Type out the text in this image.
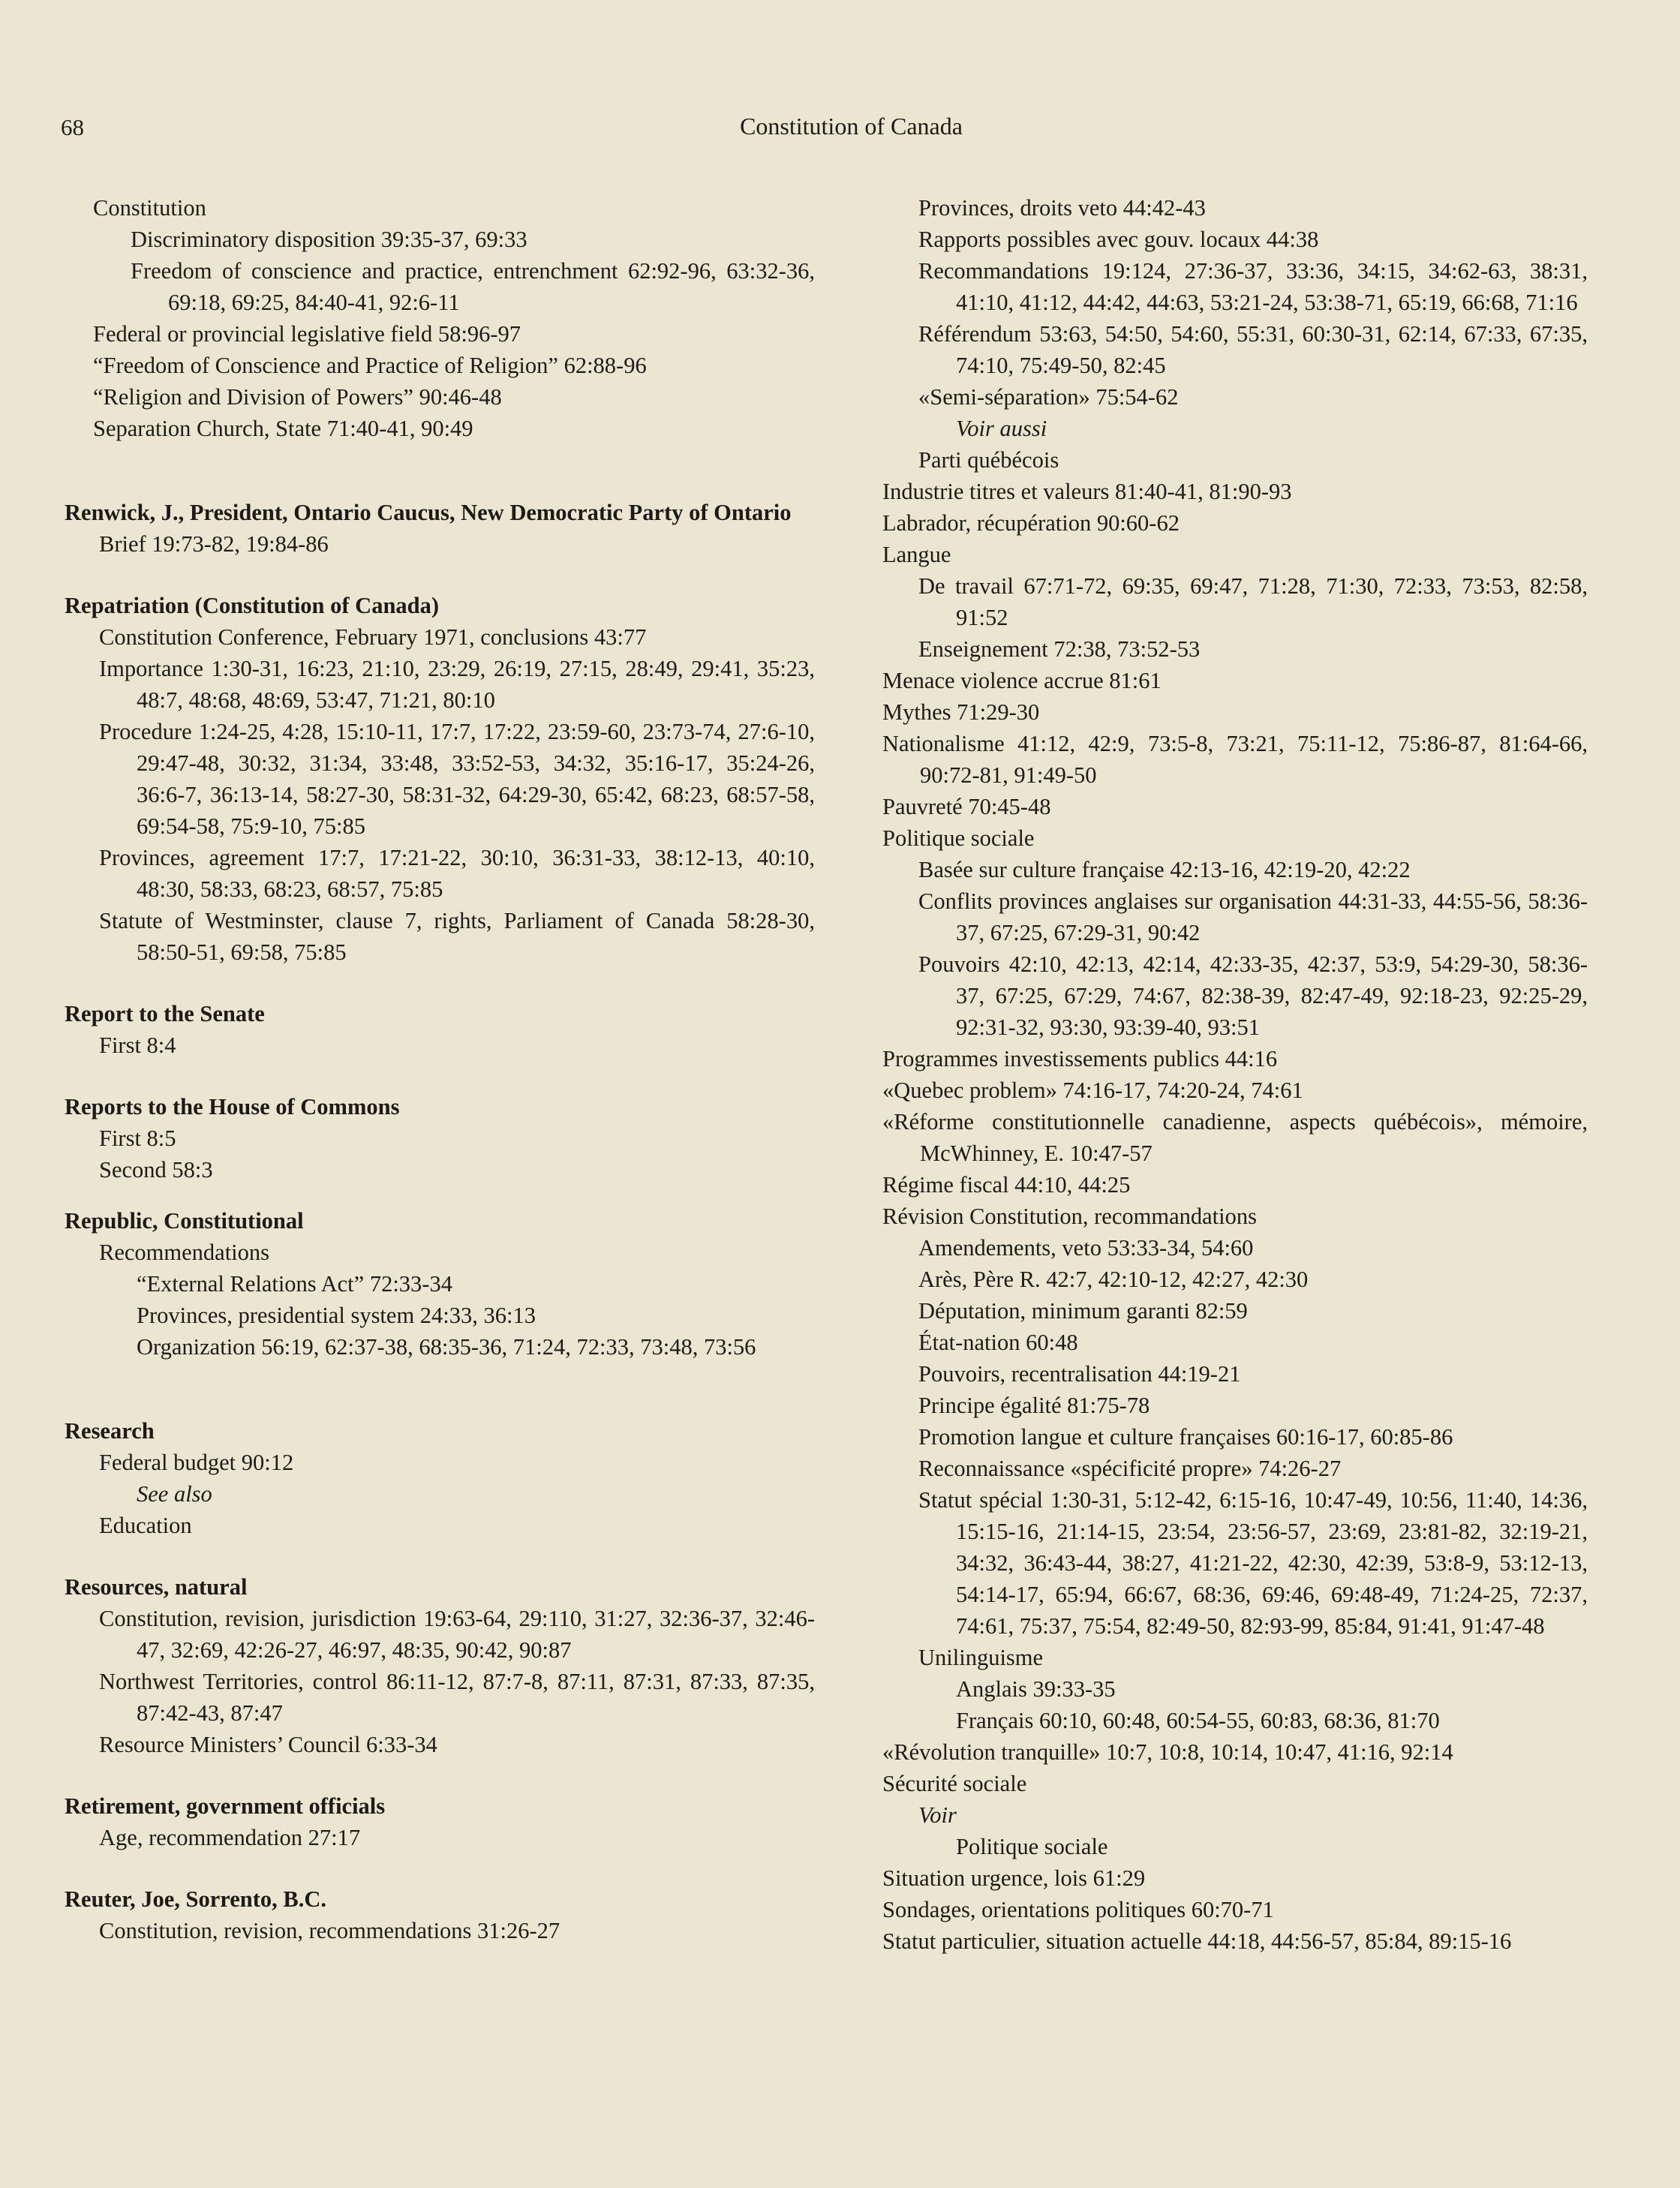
68	Constitution of Canada
Constitution
Discriminatory disposition 39:35-37, 69:33
Freedom of conscience and practice, entrenchment 62:92-96, 63:32-36, 69:18, 69:25, 84:40-41, 92:6-11
Federal or provincial legislative field 58:96-97
“Freedom of Conscience and Practice of Religion” 62:88-96
“Religion and Division of Powers” 90:46-48
Separation Church, State 71:40-41, 90:49
Renwick, J., President, Ontario Caucus, New Democratic Party of Ontario
Brief 19:73-82, 19:84-86
Repatriation (Constitution of Canada)
Constitution Conference, February 1971, conclusions 43:77
Importance 1:30-31, 16:23, 21:10, 23:29, 26:19, 27:15, 28:49, 29:41, 35:23, 48:7, 48:68, 48:69, 53:47, 71:21, 80:10
Procedure 1:24-25, 4:28, 15:10-11, 17:7, 17:22, 23:59-60, 23:73-74, 27:6-10, 29:47-48, 30:32, 31:34, 33:48, 33:52-53, 34:32, 35:16-17, 35:24-26, 36:6-7, 36:13-14, 58:27-30, 58:31-32, 64:29-30, 65:42, 68:23, 68:57-58, 69:54-58, 75:9-10, 75:85
Provinces, agreement 17:7, 17:21-22, 30:10, 36:31-33, 38:12-13, 40:10, 48:30, 58:33, 68:23, 68:57, 75:85
Statute of Westminster, clause 7, rights, Parliament of Canada 58:28-30, 58:50-51, 69:58, 75:85
Report to the Senate
First 8:4
Reports to the House of Commons
First 8:5
Second 58:3
Republic, Constitutional
Recommendations
“External Relations Act” 72:33-34
Provinces, presidential system 24:33, 36:13
Organization 56:19, 62:37-38, 68:35-36, 71:24, 72:33, 73:48, 73:56
Research
Federal budget 90:12
See also
Education
Resources, natural
Constitution, revision, jurisdiction 19:63-64, 29:110, 31:27, 32:36-37, 32:46-47, 32:69, 42:26-27, 46:97, 48:35, 90:42, 90:87
Northwest Territories, control 86:11-12, 87:7-8, 87:11, 87:31, 87:33, 87:35, 87:42-43, 87:47
Resource Ministers’ Council 6:33-34
Retirement, government officials
Age, recommendation 27:17
Reuter, Joe, Sorrento, B.C.
Constitution, revision, recommendations 31:26-27
Provinces, droits veto 44:42-43
Rapports possibles avec gouv. locaux 44:38
Recommandations 19:124, 27:36-37, 33:36, 34:15, 34:62-63, 38:31, 41:10, 41:12, 44:42, 44:63, 53:21-24, 53:38-71, 65:19, 66:68, 71:16
Référendum 53:63, 54:50, 54:60, 55:31, 60:30-31, 62:14, 67:33, 67:35, 74:10, 75:49-50, 82:45
«Semi-séparation» 75:54-62
Voir aussi
Parti québécois
Industrie titres et valeurs 81:40-41, 81:90-93
Labrador, récupération 90:60-62
Langue
De travail 67:71-72, 69:35, 69:47, 71:28, 71:30, 72:33, 73:53, 82:58, 91:52
Enseignement 72:38, 73:52-53
Menace violence accrue 81:61
Mythes 71:29-30
Nationalisme 41:12, 42:9, 73:5-8, 73:21, 75:11-12, 75:86-87, 81:64-66, 90:72-81, 91:49-50
Pauvreté 70:45-48
Politique sociale
Basée sur culture française 42:13-16, 42:19-20, 42:22
Conflits provinces anglaises sur organisation 44:31-33, 44:55-56, 58:36-37, 67:25, 67:29-31, 90:42
Pouvoirs 42:10, 42:13, 42:14, 42:33-35, 42:37, 53:9, 54:29-30, 58:36-37, 67:25, 67:29, 74:67, 82:38-39, 82:47-49, 92:18-23, 92:25-29, 92:31-32, 93:30, 93:39-40, 93:51
Programmes investissements publics 44:16
«Quebec problem» 74:16-17, 74:20-24, 74:61
«Réforme constitutionnelle canadienne, aspects québécois», mémoire, McWhinney, E. 10:47-57
Régime fiscal 44:10, 44:25
Révision Constitution, recommandations
Amendements, veto 53:33-34, 54:60
Arès, Père R. 42:7, 42:10-12, 42:27, 42:30
Députation, minimum garanti 82:59
État-nation 60:48
Pouvoirs, recentralisation 44:19-21
Principe égalité 81:75-78
Promotion langue et culture françaises 60:16-17, 60:85-86
Reconnaissance «spécificité propre» 74:26-27
Statut spécial 1:30-31, 5:12-42, 6:15-16, 10:47-49, 10:56, 11:40, 14:36, 15:15-16, 21:14-15, 23:54, 23:56-57, 23:69, 23:81-82, 32:19-21, 34:32, 36:43-44, 38:27, 41:21-22, 42:30, 42:39, 53:8-9, 53:12-13, 54:14-17, 65:94, 66:67, 68:36, 69:46, 69:48-49, 71:24-25, 72:37, 74:61, 75:37, 75:54, 82:49-50, 82:93-99, 85:84, 91:41, 91:47-48
Unilinguisme
Anglais 39:33-35
Français 60:10, 60:48, 60:54-55, 60:83, 68:36, 81:70
«Révolution tranquille» 10:7, 10:8, 10:14, 10:47, 41:16, 92:14
Sécurité sociale
Voir
Politique sociale
Situation urgence, lois 61:29
Sondages, orientations politiques 60:70-71
Statut particulier, situation actuelle 44:18, 44:56-57, 85:84, 89:15-16
